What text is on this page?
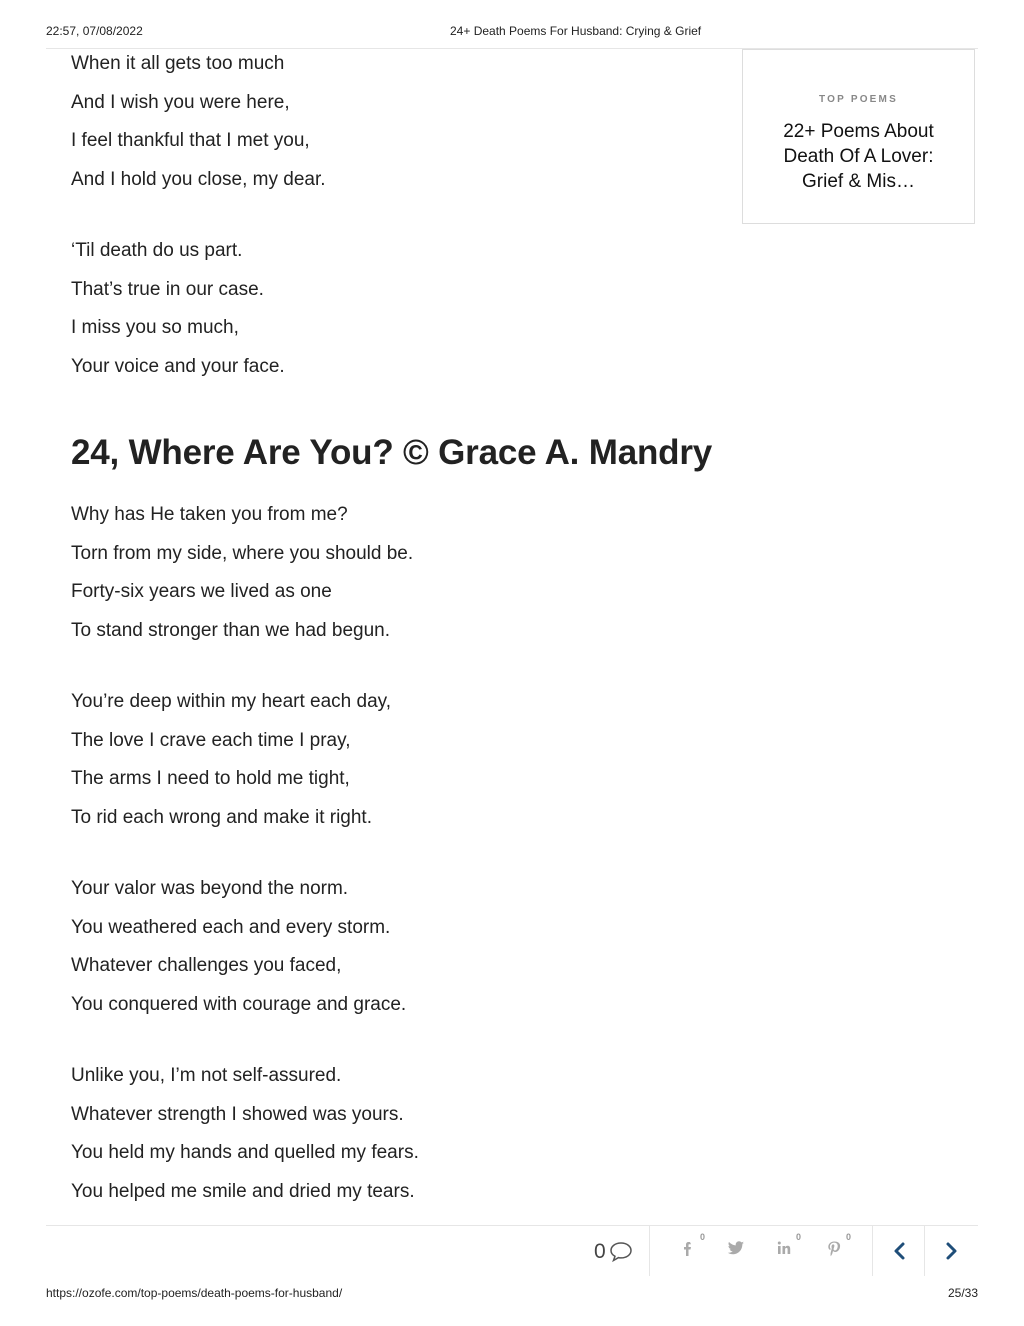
22:57, 07/08/2022	24+ Death Poems For Husband: Crying & Grief

When it all gets too much

And I wish you were here,

I feel thankful that I met you,

And I hold you close, my dear.

‘Til death do us part.

That’s true in our case.

I miss you so much,

Your voice and your face.

TOP POEMS
22+ Poems About Death Of A Lover: Grief & Mis…
24, Where Are You? © Grace A. Mandry

Why has He taken you from me?

Torn from my side, where you should be.

Forty-six years we lived as one

To stand stronger than we had begun.

You’re deep within my heart each day,

The love I crave each time I pray,

The arms I need to hold me tight,

To rid each wrong and make it right.

Your valor was beyond the norm.

You weathered each and every storm.

Whatever challenges you faced,

You conquered with courage and grace.

Unlike you, I’m not self-assured.

Whatever strength I showed was yours.

You held my hands and quelled my fears.

You helped me smile and dried my tears.

0
0	0	0
https://ozofe.com/top-poems/death-poems-for-husband/	25/33
